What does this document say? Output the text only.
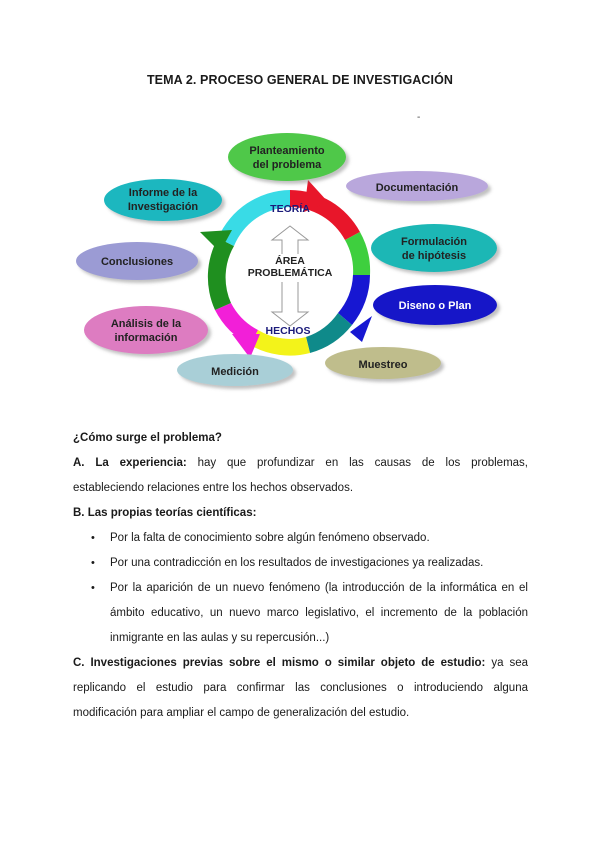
TEMA 2. PROCESO GENERAL DE INVESTIGACIÓN
-
ÁREA
PROBLEMÁTICA
TEORÍA
HECHOS
Planteamiento
del problema
Documentación
Formulación
de hipótesis
Diseno o Plan
Muestreo
Medición
Análisis de la
información
Conclusiones
Informe de la
Investigación

¿Cómo surge el problema?

A. La experiencia: hay que profundizar en las causas de los problemas,

estableciendo relaciones entre los hechos observados.

B. Las propias teorías científicas:

• Por la falta de conocimiento sobre algún fenómeno observado.
• Por una contradicción en los resultados de investigaciones ya realizadas.
• Por la aparición de un nuevo fenómeno (la introducción de la informática en el ámbito educativo, un nuevo marco legislativo, el incremento de la población inmigrante en las aulas y su repercusión...)

C. Investigaciones previas sobre el mismo o similar objeto de estudio: ya sea replicando el estudio para confirmar las conclusiones o introduciendo alguna modificación para ampliar el campo de generalización del estudio.
